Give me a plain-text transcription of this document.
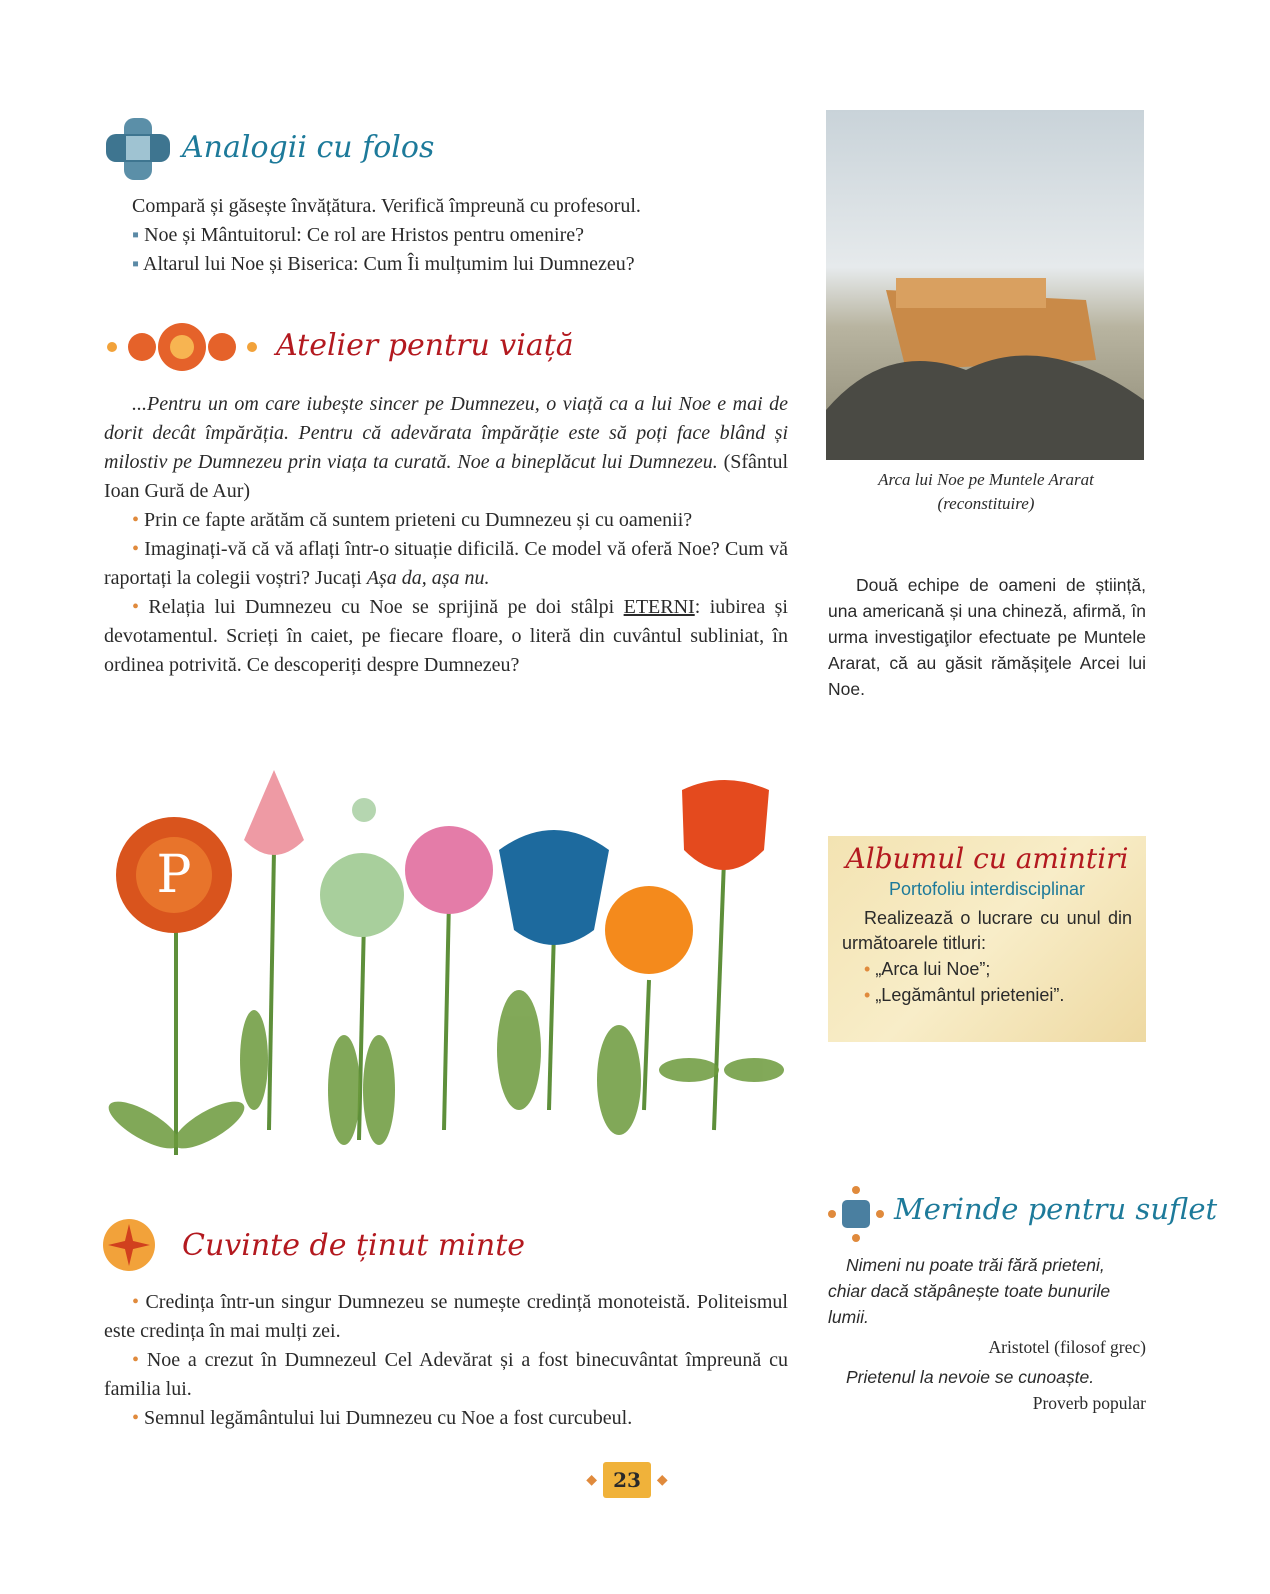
Analogii cu folos

Compară și găsește învățătura. Verifică împreună cu profesorul.

▪ Noe și Mântuitorul: Ce rol are Hristos pentru omenire?

▪ Altarul lui Noe și Biserica: Cum Îi mulțumim lui Dumnezeu?

Atelier pentru viață

...Pentru un om care iubește sincer pe Dumnezeu, o viață ca a lui Noe e mai de dorit decât împărăția. Pentru că adevărata împărăție este să poți face blând și milostiv pe Dumnezeu prin viața ta curată. Noe a bineplăcut lui Dumnezeu. (Sfântul Ioan Gură de Aur)

• Prin ce fapte arătăm că suntem prieteni cu Dumnezeu și cu oamenii?

• Imaginați-vă că vă aflați într-o situație dificilă. Ce model vă oferă Noe? Cum vă raportați la colegii voștri? Jucați Așa da, așa nu.

• Relația lui Dumnezeu cu Noe se sprijină pe doi stâlpi ETERNI: iubirea și devotamentul. Scrieți în caiet, pe fiecare floare, o literă din cuvântul subliniat, în ordinea potrivită. Ce descoperiți despre Dumnezeu?

P
Cuvinte de ținut minte

• Credința într-un singur Dumnezeu se numește credință monoteistă. Politeismul este credința în mai mulți zei.

• Noe a crezut în Dumnezeul Cel Adevărat și a fost binecuvântat împreună cu familia lui.

• Semnul legământului lui Dumnezeu cu Noe a fost curcubeul.

Arca lui Noe pe Muntele Ararat (reconstituire)
Două echipe de oameni de știință, una americană și una chineză, afirmă, în urma investigaţilor efectuate pe Muntele Ararat, că au găsit rămășiţele Arcei lui Noe.
Albumul cu amintiri
Portofoliu interdisciplinar
Realizează o lucrare cu unul din următoarele titluri:
• „Arca lui Noe”;
• „Legământul prieteniei”.
Merinde pentru suflet

Nimeni nu poate trăi fără prieteni, chiar dacă stăpânește toate bunurile lumii.

Aristotel (filosof grec)

Prietenul la nevoie se cunoaște.

Proverb popular

◆ 23	◆
